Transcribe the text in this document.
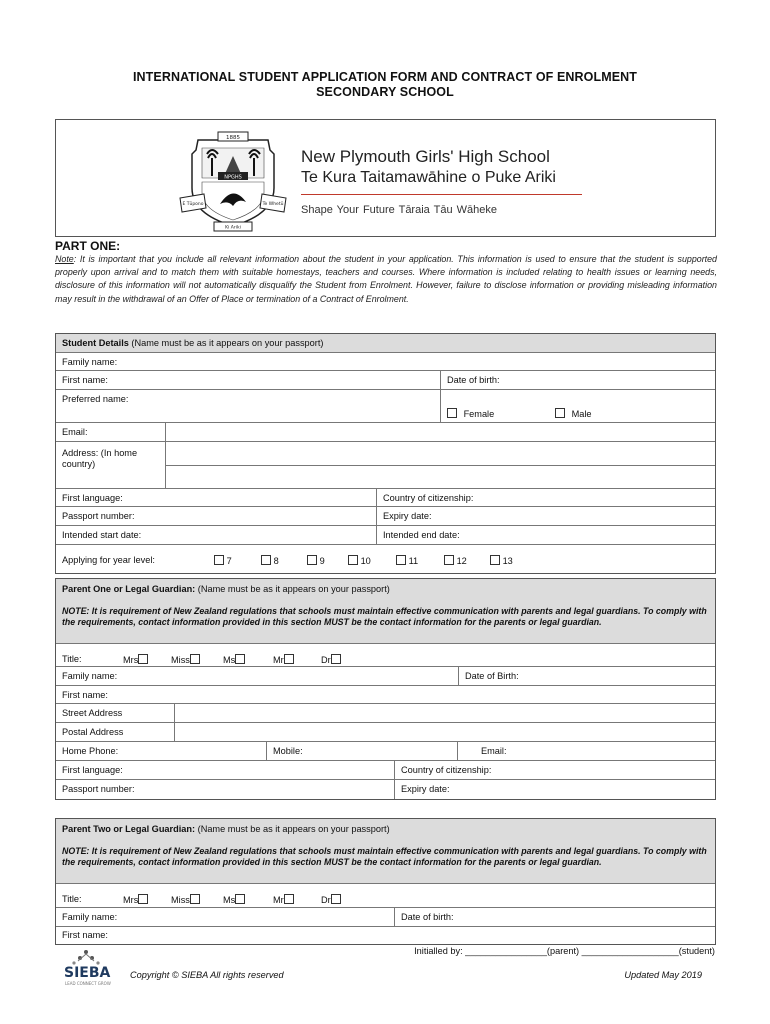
INTERNATIONAL STUDENT APPLICATION FORM AND CONTRACT OF ENROLMENT
SECONDARY SCHOOL
1885
NPGHS
E Tūpono	Te Whetū
Ki Ariki
New Plymouth Girls' High School
Te Kura Taitamawāhine o Puke Ariki
Shape Your Future Tāraia Tāu Wāheke
PART ONE:
Note: It is important that you include all relevant information about the student in your application. This information is used to ensure that the student is supported properly upon arrival and to match them with suitable homestays, teachers and courses. Where information is included relating to health issues or learning needs, disclosure of this information will not automatically disqualify the Student from Enrolment. However, failure to disclose information or providing misleading information may result in the withdrawal of an Offer of Place or termination of a Contract of Enrolment.
Student Details (Name must be as it appears on your passport)
Family name:
First name:	Date of birth:
Preferred name:
Female	Male
Email:
Address: (In home country)
First language:	Country of citizenship:
Passport number:	Expiry date:
Intended start date:	Intended end date:
Applying for year level:	7	8	9	10	11	12	13
Parent One or Legal Guardian: (Name must be as it appears on your passport)
NOTE: It is requirement of New Zealand regulations that schools must maintain effective communication with parents and legal guardians. To comply with the requirements, contact information provided in this section MUST be the contact information for the parents or legal guardian.
Title:	Mrs	Miss	Ms	Mr	Dr
Family name:	Date of Birth:
First name:
Street Address
Postal Address
Home Phone:	Mobile:	Email:
First language:	Country of citizenship:
Passport number:	Expiry date:
Parent Two or Legal Guardian: (Name must be as it appears on your passport)
NOTE: It is requirement of New Zealand regulations that schools must maintain effective communication with parents and legal guardians. To comply with the requirements, contact information provided in this section MUST be the contact information for the parents or legal guardian.
Title:	Mrs	Miss	Ms	Mr	Dr
Family name:	Date of birth:
First name:
Initialled by: ________________(parent) ___________________(student)
SIEBA
LEAD CONNECT GROW
Copyright © SIEBA All rights reserved	Updated May 2019
